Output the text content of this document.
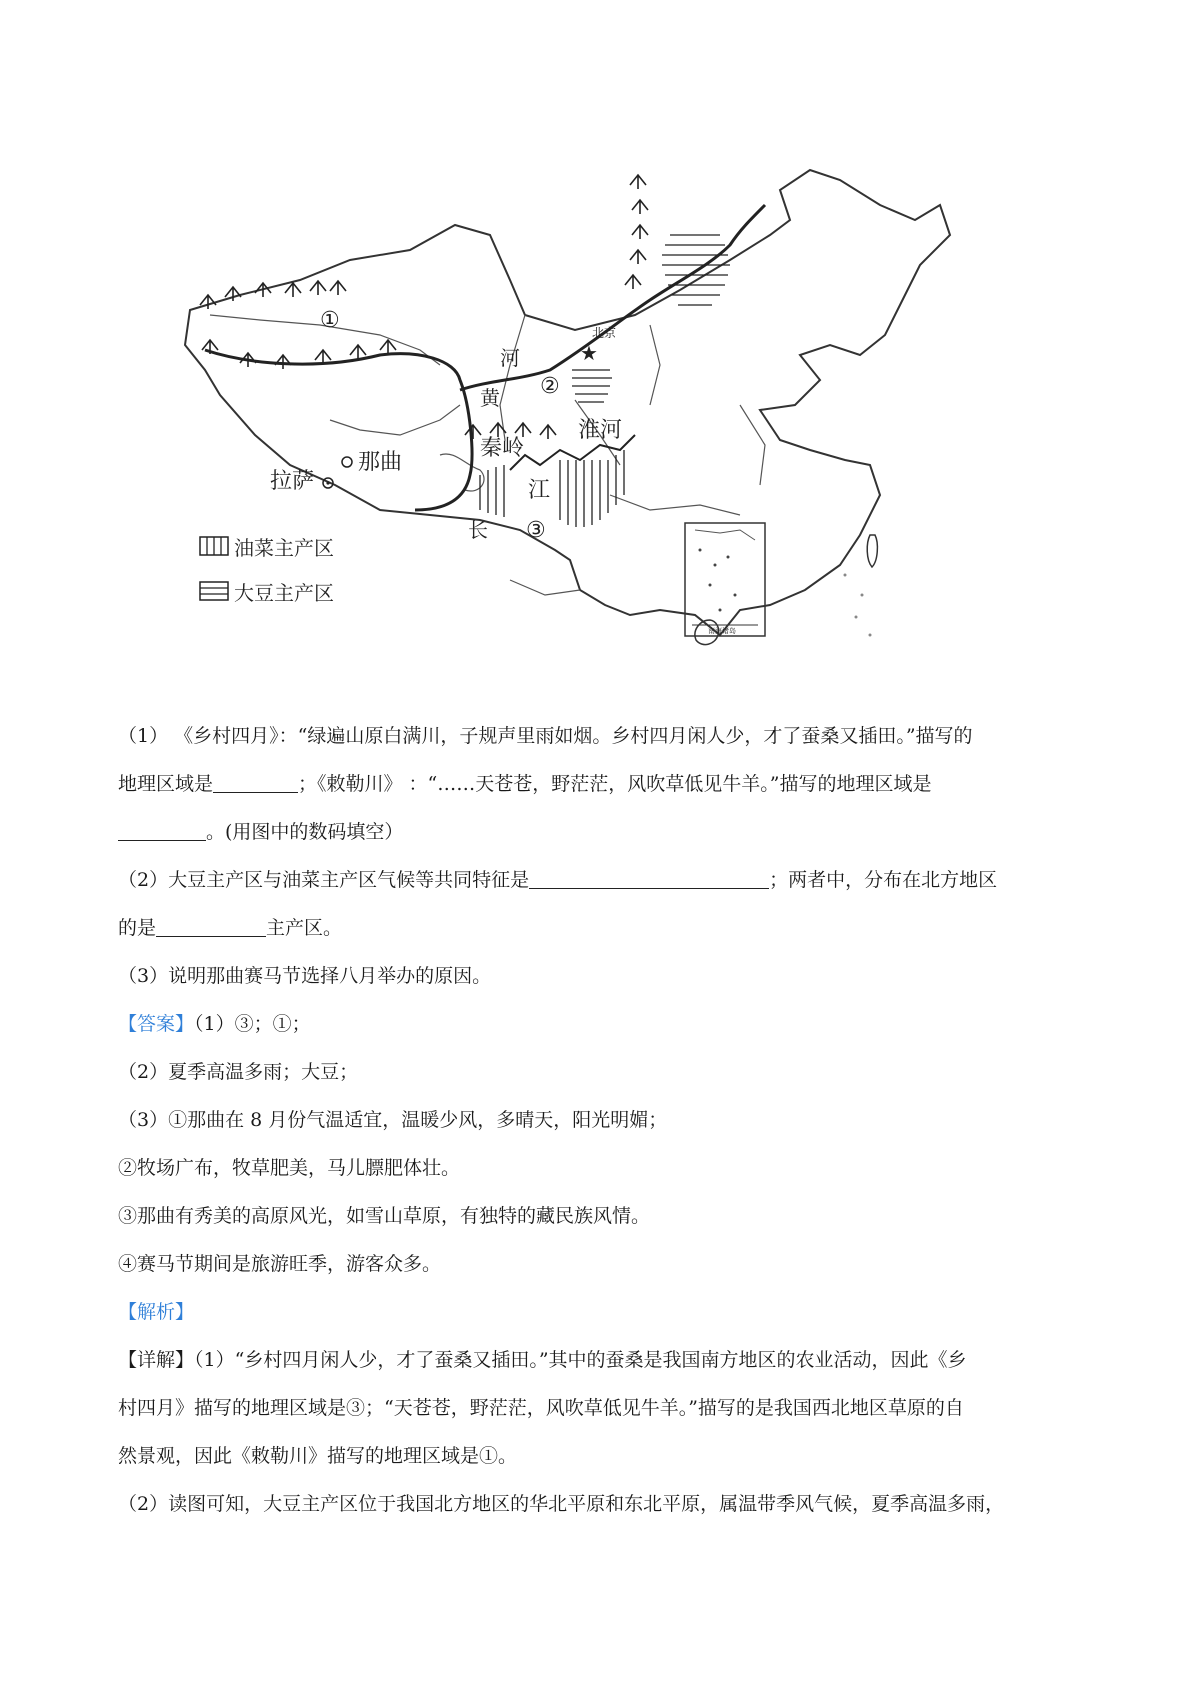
①
②
③
北京
★
河
黄
秦岭
淮河
江
长
拉萨
那曲
油菜主产区
大豆主产区
南海诸岛
（1） 《乡村四月》：“绿遍山原白满川，子规声里雨如烟。乡村四月闲人少，才了蚕桑又插田。”描写的
地理区域是	；《敕勒川》 ：“……天苍苍，野茫茫，风吹草低见牛羊。”描写的地理区域是
。(用图中的数码填空）
（2）大豆主产区与油菜主产区气候等共同特征是	；两者中，分布在北方地区
的是	主产区。
（3）说明那曲赛马节选择八月举办的原因。
【答案】（1）③；①；
（2）夏季高温多雨；大豆；
（3）①那曲在 8 月份气温适宜，温暖少风，多晴天，阳光明媚；
②牧场广布，牧草肥美，马儿膘肥体壮。
③那曲有秀美的高原风光，如雪山草原，有独特的藏民族风情。
④赛马节期间是旅游旺季，游客众多。
【解析】
【详解】（1）“乡村四月闲人少，才了蚕桑又插田。”其中的蚕桑是我国南方地区的农业活动，因此《乡
村四月》描写的地理区域是③；“天苍苍，野茫茫，风吹草低见牛羊。”描写的是我国西北地区草原的自
然景观，因此《敕勒川》描写的地理区域是①。
（2）读图可知，大豆主产区位于我国北方地区的华北平原和东北平原，属温带季风气候，夏季高温多雨，
